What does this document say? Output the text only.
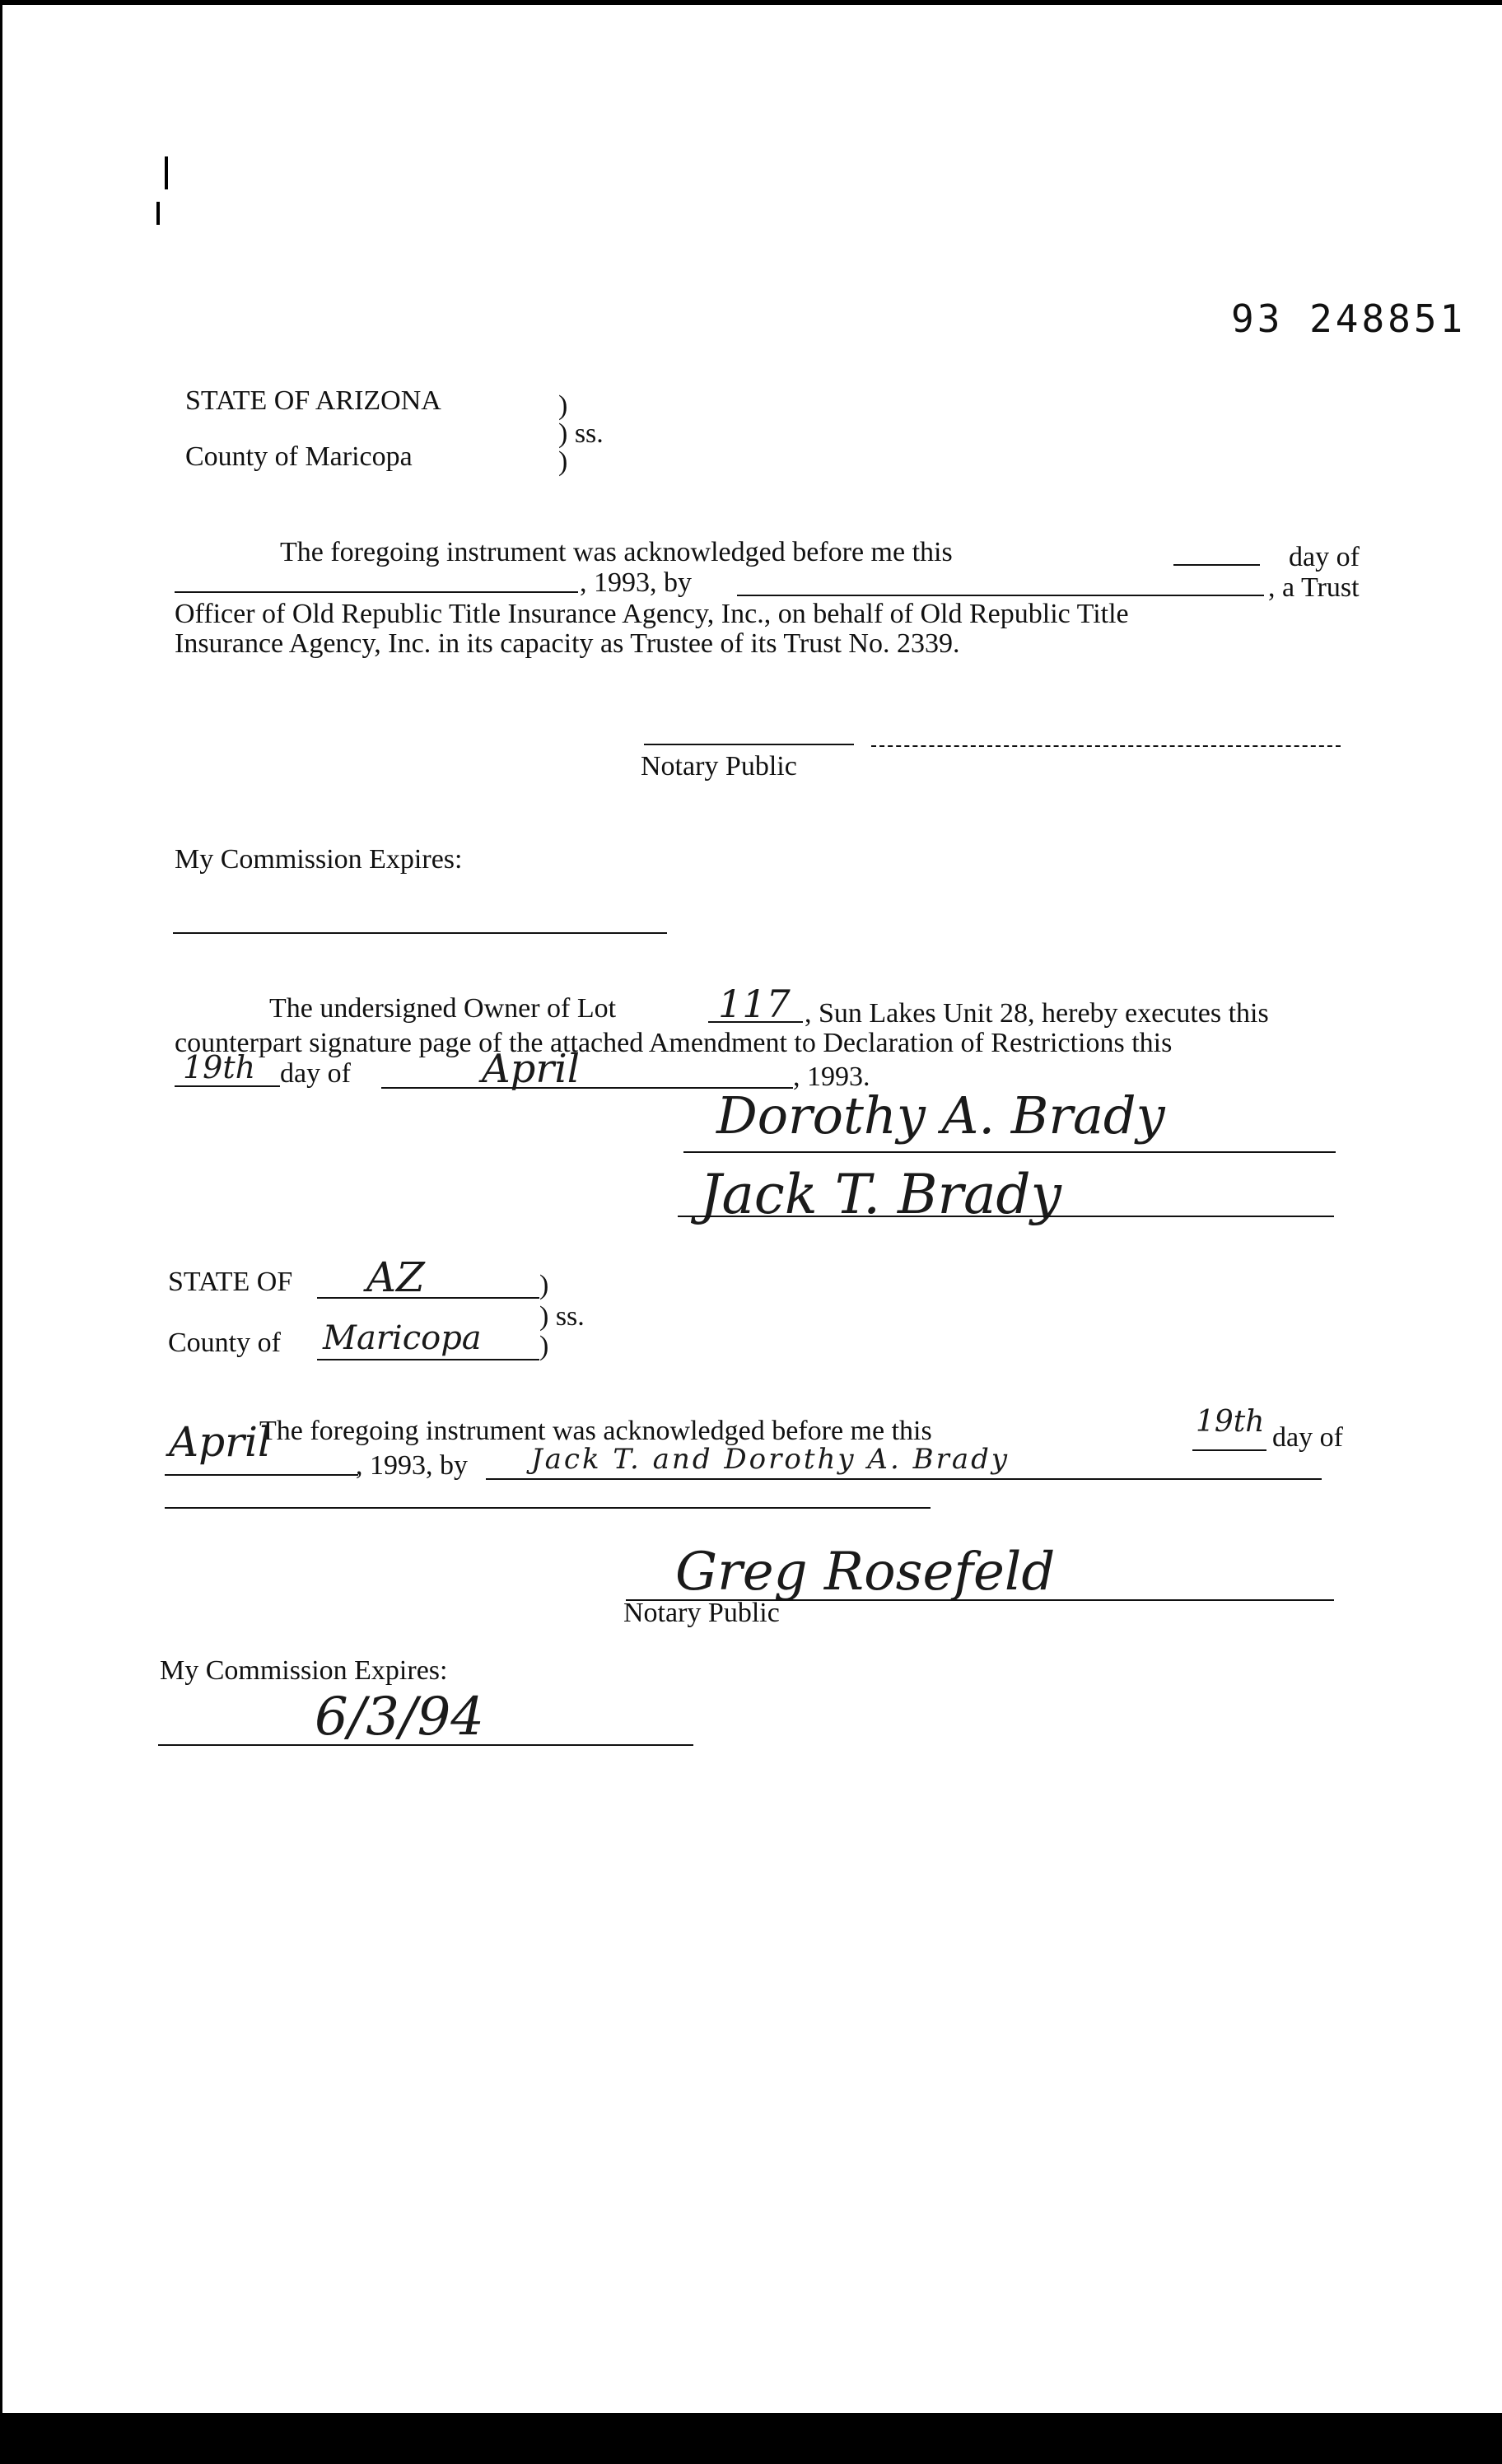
93 248851
STATE OF ARIZONA
County of Maricopa
)
) ss.
)
The foregoing instrument was acknowledged before me this	day of
, 1993, by	, a Trust
Officer of Old Republic Title Insurance Agency, Inc., on behalf of Old Republic Title
Insurance Agency, Inc. in its capacity as Trustee of its Trust No. 2339.
Notary Public
My Commission Expires:
The undersigned Owner of Lot	117 , Sun Lakes Unit 28, hereby executes this
counterpart signature page of the attached Amendment to Declaration of Restrictions this
19th day of	April	, 1993.
Dorothy A. Brady
Jack T. Brady
STATE OF AZ	)
) ss.
County of Maricopa )
April
The foregoing instrument was acknowledged before me this	19th day of
, 1993, by Jack T. and Dorothy A. Brady
Greg Rosefeld
Notary Public
My Commission Expires:
6/3/94
